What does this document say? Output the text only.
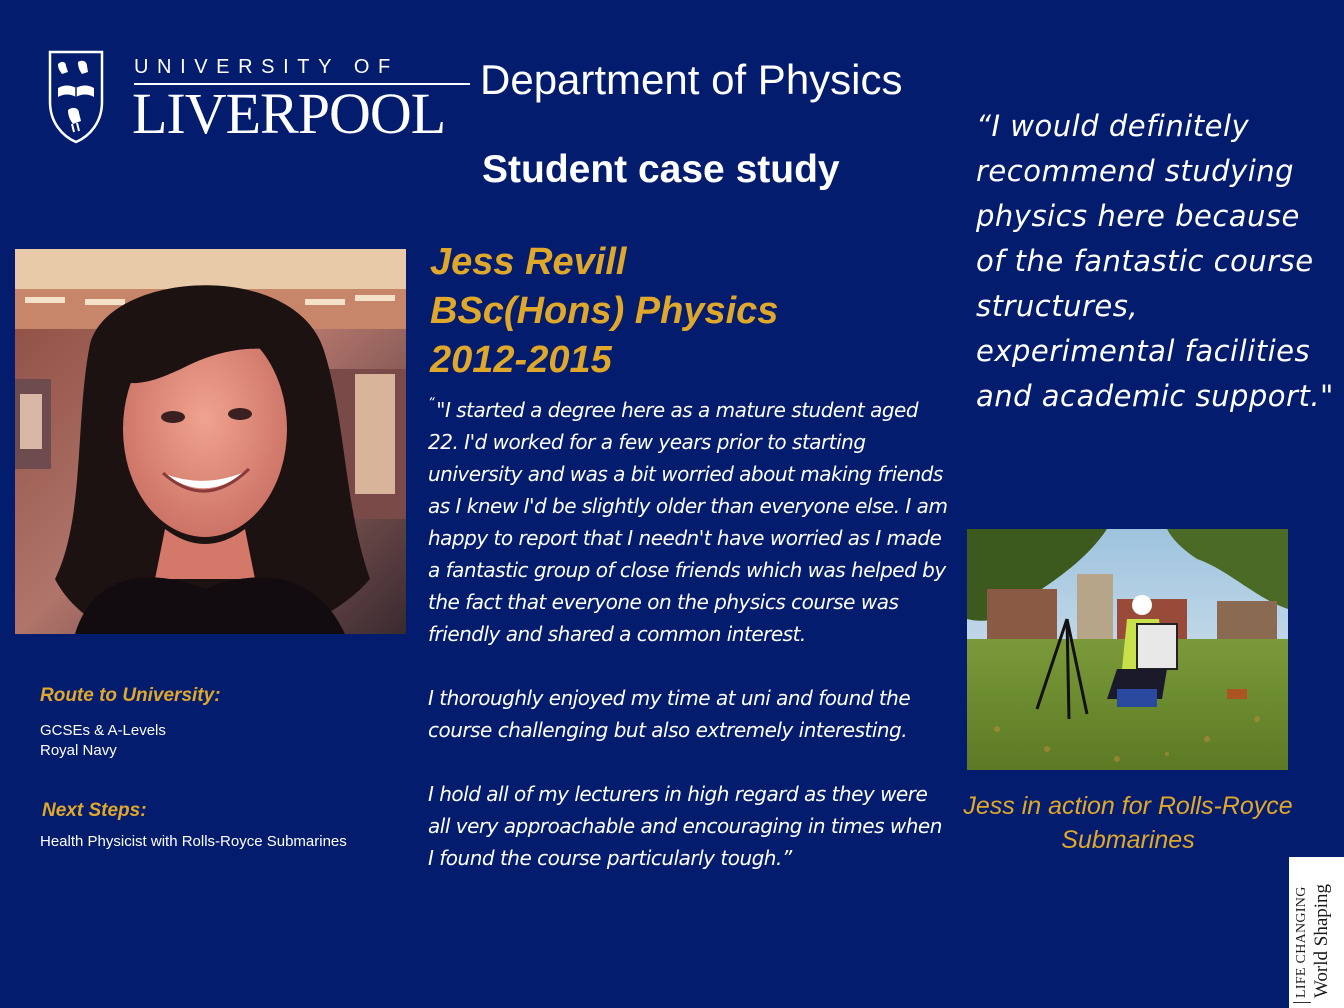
UNIVERSITY OF
LIVERPOOL
Department of Physics
Student case study
Route to University:
GCSEs & A-Levels
Royal Navy
Next Steps:
Health Physicist with Rolls-Royce Submarines
Jess Revill
BSc(Hons) Physics
2012-2015

“ "I started a degree here as a mature student aged 22. I'd worked for a few years prior to starting university and was a bit worried about making friends as I knew I'd be slightly older than everyone else. I am happy to report that I needn't have worried as I made a fantastic group of close friends which was helped by the fact that everyone on the physics course was friendly and shared a common interest.

I thoroughly enjoyed my time at uni and found the course challenging but also extremely interesting.

I hold all of my lecturers in high regard as they were all very approachable and encouraging in times when I found the course particularly tough.”

“I would definitely recommend studying physics here because of the fantastic course structures, experimental facilities and academic support."
Jess in action for Rolls-Royce Submarines
LIFE CHANGING World Shaping
